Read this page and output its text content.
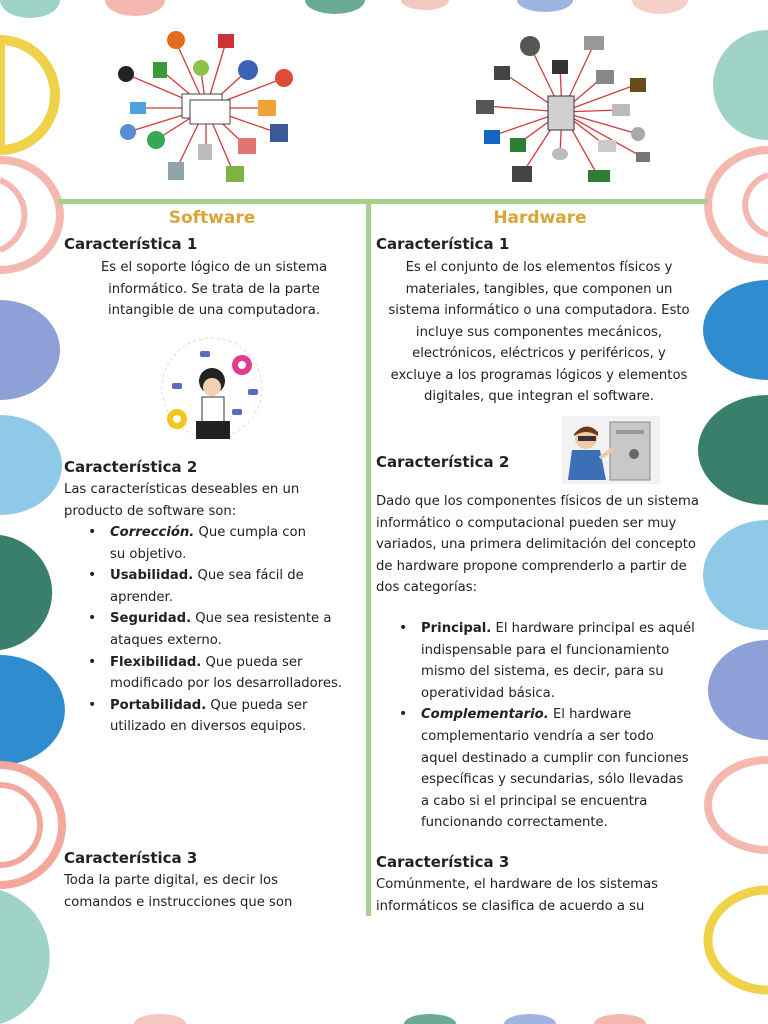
Software

Característica 1

Es el soporte lógico de un sistema
informático. Se trata de la parte
intangible de una computadora.

Característica 2

Las características deseables en un
producto de software son:
• Corrección. Que cumpla con
su objetivo.
• Usabilidad. Que sea fácil de
aprender.
• Seguridad. Que sea resistente a
ataques externo.
• Flexibilidad. Que pueda ser
modificado por los desarrolladores.
• Portabilidad. Que pueda ser
utilizado en diversos equipos.

Característica 3

Toda la parte digital, es decir los
comandos e instrucciones que son

Hardware

Característica 1

Es el conjunto de los elementos físicos y
materiales, tangibles, que componen un
sistema informático o una computadora. Esto
incluye sus componentes mecánicos,
electrónicos, eléctricos y periféricos, y
excluye a los programas lógicos y elementos
digitales, que integran el software.

Característica 2

Dado que los componentes físicos de un sistema
informático o computacional pueden ser muy
variados, una primera delimitación del concepto
de hardware propone comprenderlo a partir de
dos categorías:
• Principal. El hardware principal es aquél
indispensable para el funcionamiento
mismo del sistema, es decir, para su
operatividad básica.
• Complementario. El hardware
complementario vendría a ser todo
aquel destinado a cumplir con funciones
específicas y secundarias, sólo llevadas
a cabo si el principal se encuentra
funcionando correctamente.

Característica 3

Comúnmente, el hardware de los sistemas
informáticos se clasifica de acuerdo a su
